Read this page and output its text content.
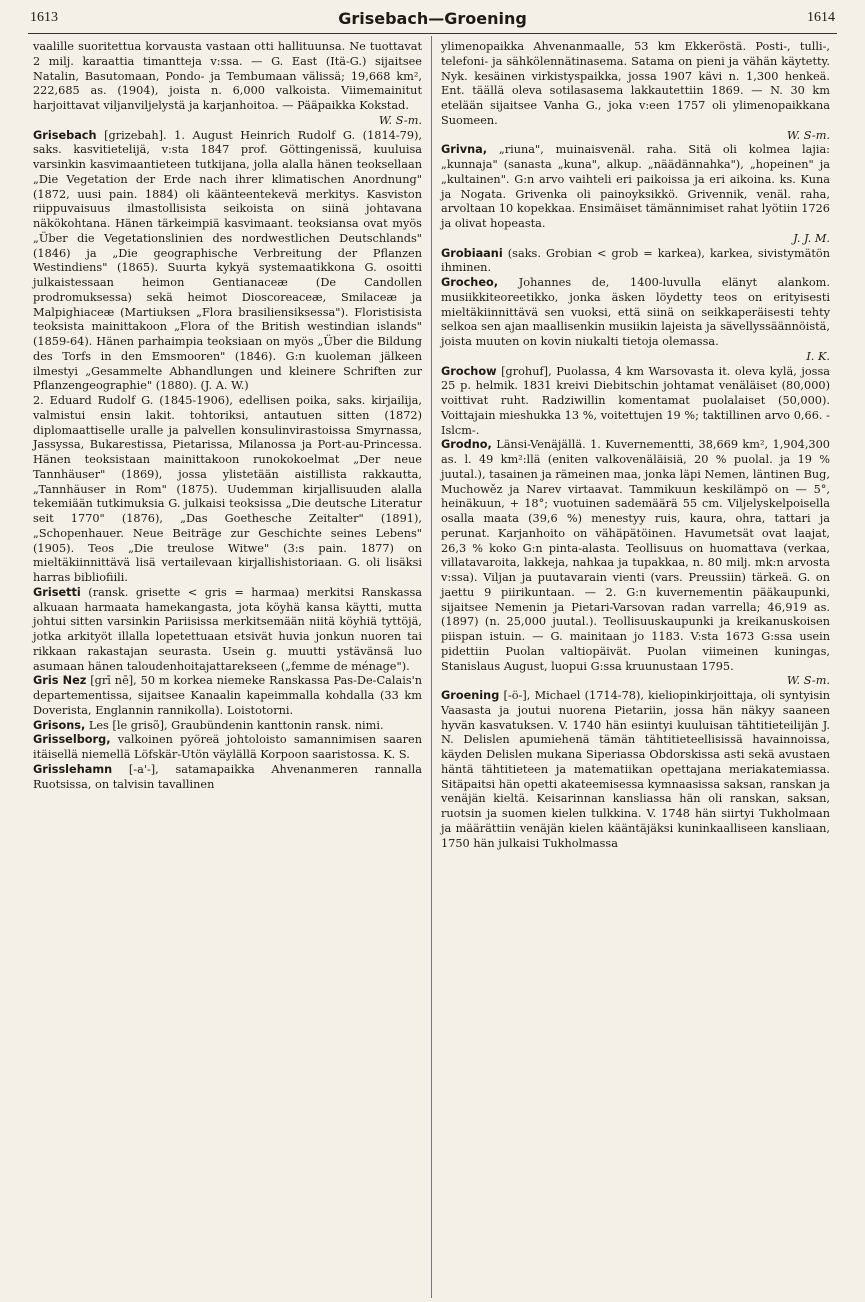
1613	Grisebach—Groening	1614

vaalille suoritettua korvausta vastaan otti hallituunsa. Ne tuottavat 2 milj. karaattia timantteja v:ssa. — G. East (Itä-G.) sijaitsee Natalin, Basutomaan, Pondo- ja Tembumaan välissä; 19,668 km², 222,685 as. (1904), joista n. 6,000 valkoista. Viimemainitut harjoittavat viljanviljelystä ja karjanhoitoa. — Pääpaikka Kokstad.

W. S-m.

Grisebach [grizebah]. 1. August Heinrich Rudolf G. (1814-79), saks. kasvitietelijä, v:sta 1847 prof. Göttingenissä, kuuluisa varsinkin kasvimaantieteen tutkijana, jolla alalla hänen teoksellaan „Die Vegetation der Erde nach ihrer klimatischen Anordnung" (1872, uusi pain. 1884) oli käänteentekevä merkitys. Kasviston riippuvaisuus ilmastollisista seikoista on siinä johtavana näkökohtana. Hänen tärkeimpiä kasvimaant. teoksiansa ovat myös „Über die Vegetationslinien des nordwestlichen Deutschlands" (1846) ja „Die geographische Verbreitung der Pflanzen Westindiens" (1865). Suurta kykyä systemaatikkona G. osoitti julkaistessaan heimon Gentianaceæ (De Candollen prodromuksessa) sekä heimot Dioscoreaceæ, Smilaceæ ja Malpighiaceæ (Martiuksen „Flora brasiliensiksessa"). Floristisista teoksista mainittakoon „Flora of the British westindian islands" (1859-64). Hänen parhaimpia teoksiaan on myös „Über die Bildung des Torfs in den Emsmooren" (1846). G:n kuoleman jälkeen ilmestyi „Gesammelte Abhandlungen und kleinere Schriften zur Pflanzengeographie" (1880). (J. A. W.)

2. Eduard Rudolf G. (1845-1906), edellisen poika, saks. kirjailija, valmistui ensin lakit. tohtoriksi, antautuen sitten (1872) diplomaattiselle uralle ja palvellen konsulinvirastoissa Smyrnassa, Jassyssa, Bukarestissa, Pietarissa, Milanossa ja Port-au-Princessa. Hänen teoksistaan mainittakoon runokokoelmat „Der neue Tannhäuser" (1869), jossa ylistetään aistillista rakkautta, „Tannhäuser in Rom" (1875). Uudemman kirjallisuuden alalla tekemiään tutkimuksia G. julkaisi teoksissa „Die deutsche Literatur seit 1770" (1876), „Das Goethesche Zeitalter" (1891), „Schopenhauer. Neue Beiträge zur Geschichte seines Lebens" (1905). Teos „Die treulose Witwe" (3:s pain. 1877) on mieltäkiinnittävä lisä vertailevaan kirjallishistoriaan. G. oli lisäksi harras bibliofiili.

Grisetti (ransk. grisette < gris = harmaa) merkitsi Ranskassa alkuaan harmaata hamekangasta, jota köyhä kansa käytti, mutta johtui sitten varsinkin Pariisissa merkitsemään niitä köyhiä tyttöjä, jotka arkityöt illalla lopetettuaan etsivät huvia jonkun nuoren tai rikkaan rakastajan seurasta. Usein g. muutti ystävänsä luo asumaan hänen taloudenhoitajattarekseen („femme de ménage").

Gris Nez [grī nē], 50 m korkea niemeke Ranskassa Pas-De-Calais'n departementissa, sijaitsee Kanaalin kapeimmalla kohdalla (33 km Doverista, Englannin rannikolla). Loistotorni.

Grisons, Les [le grisõ], Graubündenin kanttonin ransk. nimi.

Grisselborg, valkoinen pyöreä johtoloisto samannimisen saaren itäisellä niemellä Löfskär-Utön väylällä Korpoon saaristossa. K. S.

Grisslehamn [-a'-], satamapaikka Ahvenanmeren rannalla Ruotsissa, on talvisin tavallinen

ylimenopaikka Ahvenanmaalle, 53 km Ekkeröstä. Posti-, tulli-, telefoni- ja sähkölennätinasema. Satama on pieni ja vähän käytetty. Nyk. kesäinen virkistyspaikka, jossa 1907 kävi n. 1,300 henkeä. Ent. täällä oleva sotilasasema lakkautettiin 1869. — N. 30 km etelään sijaitsee Vanha G., joka v:een 1757 oli ylimenopaikkana Suomeen.

W. S-m.

Grivna, „riuna", muinaisvenäl. raha. Sitä oli kolmea lajia: „kunnaja" (sanasta „kuna", alkup. „näädännahka"), „hopeinen" ja „kultainen". G:n arvo vaihteli eri paikoissa ja eri aikoina. ks. Kuna ja Nogata. Grivenka oli painoyksikkö. Grivennik, venäl. raha, arvoltaan 10 kopekkaa. Ensimäiset tämännimiset rahat lyötiin 1726 ja olivat hopeasta.

J. J. M.

Grobiaani (saks. Grobian < grob = karkea), karkea, sivistymätön ihminen.

Grocheo, Johannes de, 1400-luvulla elänyt alankom. musiikkiteoreetikko, jonka äsken löydetty teos on erityisesti mieltäkiinnittävä sen vuoksi, että siinä on seikkaperäisesti tehty selkoa sen ajan maallisenkin musiikin lajeista ja sävellyssäännöistä, joista muuten on kovin niukalti tietoja olemassa.

I. K.

Grochow [grohuf], Puolassa, 4 km Warsovasta it. oleva kylä, jossa 25 p. helmik. 1831 kreivi Diebitschin johtamat venäläiset (80,000) voittivat ruht. Radziwillin komentamat puolalaiset (50,000). Voittajain mieshukka 13 %, voitettujen 19 %; taktillinen arvo 0,66. -Islcm-.

Grodno, Länsi-Venäjällä. 1. Kuvernementti, 38,669 km², 1,904,300 as. l. 49 km²:llä (eniten valkovenäläisiä, 20 % puolal. ja 19 % juutal.), tasainen ja rämeinen maa, jonka läpi Nemen, läntinen Bug, Muchowěz ja Narev virtaavat. Tammikuun keskilämpö on — 5°, heinäkuun, + 18°; vuotuinen sademäärä 55 cm. Viljelyskelpoisella osalla maata (39,6 %) menestyy ruis, kaura, ohra, tattari ja perunat. Karjanhoito on vähäpätöinen. Havumetsät ovat laajat, 26,3 % koko G:n pinta-alasta. Teollisuus on huomattava (verkaa, villatavaroita, lakkeja, nahkaa ja tupakkaa, n. 80 milj. mk:n arvosta v:ssa). Viljan ja puutavarain vienti (vars. Preussiin) tärkeä. G. on jaettu 9 piirikuntaan. — 2. G:n kuvernementin pääkaupunki, sijaitsee Nemenin ja Pietari-Varsovan radan varrella; 46,919 as. (1897) (n. 25,000 juutal.). Teollisuuskaupunki ja kreikanuskoisen piispan istuin. — G. mainitaan jo 1183. V:sta 1673 G:ssa usein pidettiin Puolan valtiopäivät. Puolan viimeinen kuningas, Stanislaus August, luopui G:ssa kruunustaan 1795.

W. S-m.

Groening [-ö-], Michael (1714-78), kieliopinkirjoittaja, oli syntyisin Vaasasta ja joutui nuorena Pietariin, jossa hän näkyy saaneen hyvän kasvatuksen. V. 1740 hän esiintyi kuuluisan tähtitieteilijän J. N. Delislen apumiehenä tämän tähtitieteellisissä havainnoissa, käyden Delislen mukana Siperiassa Obdorskissa asti sekä avustaen häntä tähtitieteen ja matematiikan opettajana meriakatemiassa. Sitäpaitsi hän opetti akateemisessa kymnaasissa saksan, ranskan ja venäjän kieltä. Keisarinnan kansliassa hän oli ranskan, saksan, ruotsin ja suomen kielen tulkkina. V. 1748 hän siirtyi Tukholmaan ja määrättiin venäjän kielen kääntäjäksi kuninkaalliseen kansliaan, 1750 hän julkaisi Tukholmassa
